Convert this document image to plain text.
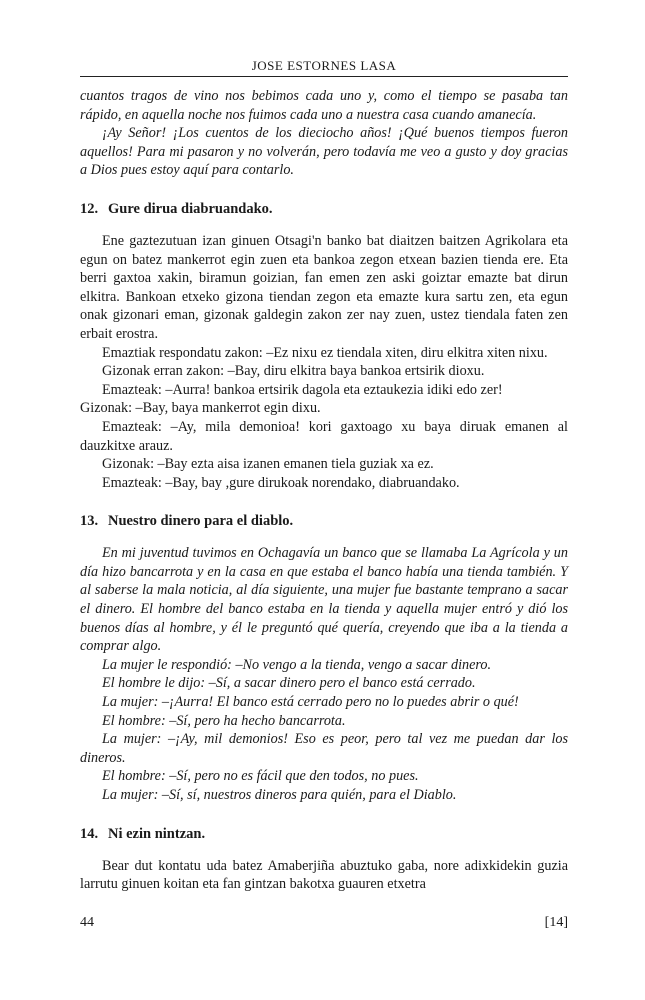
JOSE ESTORNES LASA

cuantos tragos de vino nos bebimos cada uno y, como el tiempo se pasaba tan rápido, en aquella noche nos fuimos cada uno a nuestra casa cuando amanecía.

¡Ay Señor! ¡Los cuentos de los dieciocho años! ¡Qué buenos tiempos fueron aquellos! Para mi pasaron y no volverán, pero todavía me veo a gusto y doy gracias a Dios pues estoy aquí para contarlo.

12. Gure dirua diabruandako.

Ene gaztezutuan izan ginuen Otsagi'n banko bat diaitzen baitzen Agrikolara eta egun on batez mankerrot egin zuen eta bankoa zegon etxean bazien tienda ere. Eta berri gaxtoa xakin, biramun goizian, fan emen zen aski goiztar emazte bat dirun elkitra. Bankoan etxeko gizona tiendan zegon eta emazte kura sartu zen, eta egun onak gizonari eman, gizonak galdegin zakon zer nay zuen, ustez tiendala faten zen erbait erostra.

Emaztiak respondatu zakon: –Ez nixu ez tiendala xiten, diru elkitra xiten nixu.

Gizonak erran zakon: –Bay, diru elkitra baya bankoa ertsirik dioxu.

Emazteak: –Aurra! bankoa ertsirik dagola eta eztaukezia idiki edo zer!

Gizonak: –Bay, baya mankerrot egin dixu.

Emazteak: –Ay, mila demonioa! kori gaxtoago xu baya diruak emanen al dauzkitxe arauz.

Gizonak: –Bay ezta aisa izanen emanen tiela guziak xa ez.

Emazteak: –Bay, bay ,gure dirukoak norendako, diabruandako.

13. Nuestro dinero para el diablo.

En mi juventud tuvimos en Ochagavía un banco que se llamaba La Agrícola y un día hizo bancarrota y en la casa en que estaba el banco había una tienda también. Y al saberse la mala noticia, al día siguiente, una mujer fue bastante temprano a sacar el dinero. El hombre del banco estaba en la tienda y aquella mujer entró y dió los buenos días al hombre, y él le preguntó qué quería, creyendo que iba a la tienda a comprar algo.

La mujer le respondió: –No vengo a la tienda, vengo a sacar dinero.

El hombre le dijo: –Sí, a sacar dinero pero el banco está cerrado.

La mujer: –¡Aurra! El banco está cerrado pero no lo puedes abrir o qué!

El hombre: –Sí, pero ha hecho bancarrota.

La mujer: –¡Ay, mil demonios! Eso es peor, pero tal vez me puedan dar los dineros.

El hombre: –Sí, pero no es fácil que den todos, no pues.

La mujer: –Sí, sí, nuestros dineros para quién, para el Diablo.

14. Ni ezin nintzan.

Bear dut kontatu uda batez Amaberjiña abuztuko gaba, nore adixkidekin guzia larrutu ginuen koitan eta fan gintzan bakotxa guauren etxetra

44	[14]
